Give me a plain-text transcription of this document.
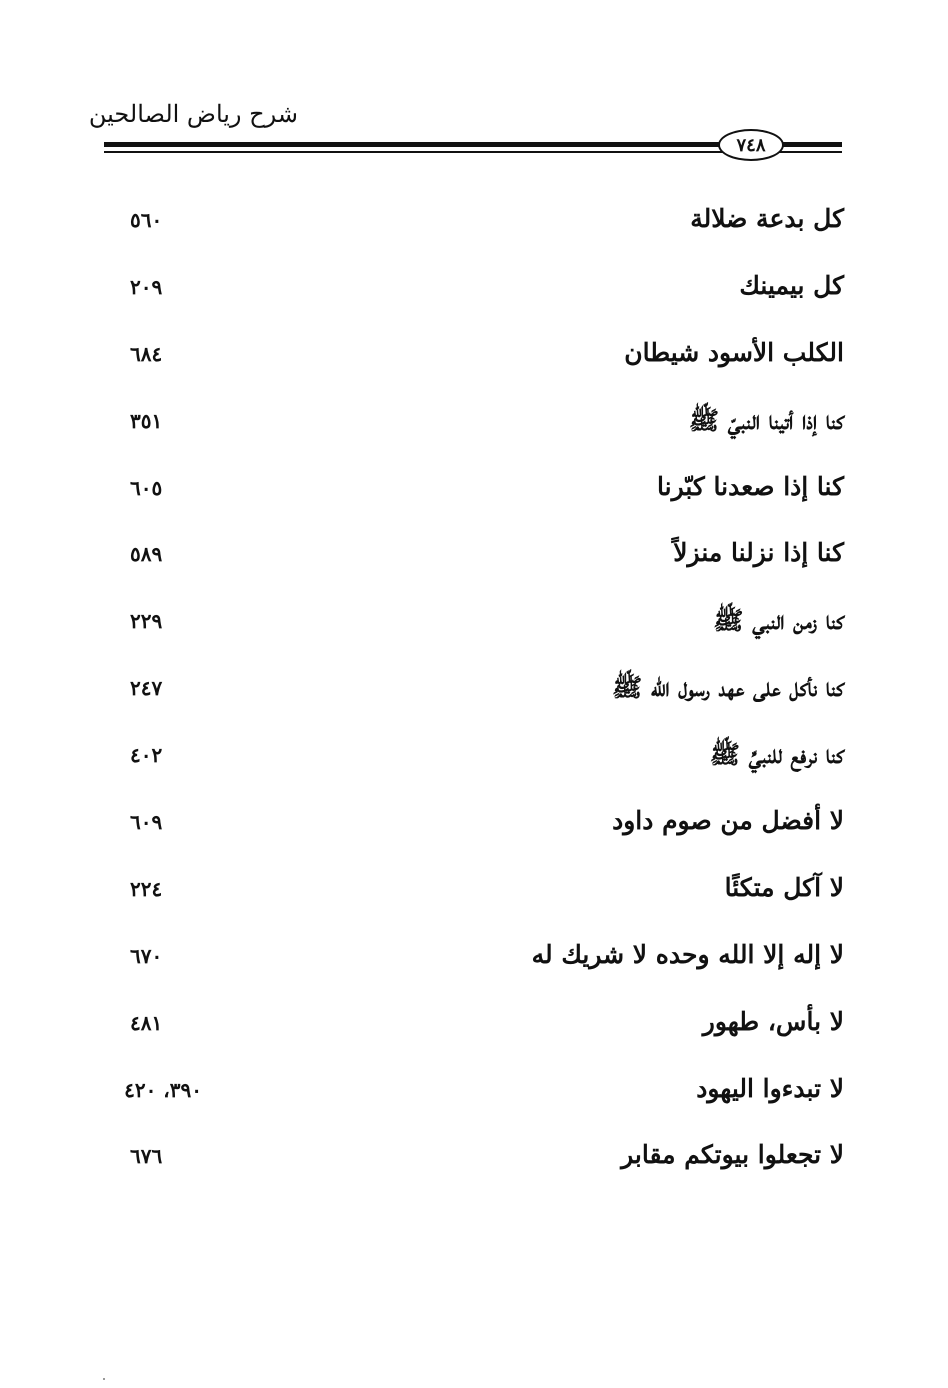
شرح رياض الصالحين
٧٤٨
كل بدعة ضلالة
٥٦٠
كل بيمينك
٢٠٩
الكلب الأسود شيطان
٦٨٤
كنا إذا أتينا النبيّ ﷺ
٣٥١
كنا إذا صعدنا كبّرنا
٦٠٥
كنا إذا نزلنا منزلاً
٥٨٩
كنا زمن النبي ﷺ
٢٢٩
كنا نأكل على عهد رسول الله ﷺ
٢٤٧
كنا نرفع للنبيِّ ﷺ
٤٠٢
لا أفضل من صوم داود
٦٠٩
لا آكل متكئًا
٢٢٤
لا إله إلا الله وحده لا شريك له
٦٧٠
لا بأس، طهور
٤٨١
لا تبدءوا اليهود
٣٩٠، ٤٢٠
لا تجعلوا بيوتكم مقابر
٦٧٦
